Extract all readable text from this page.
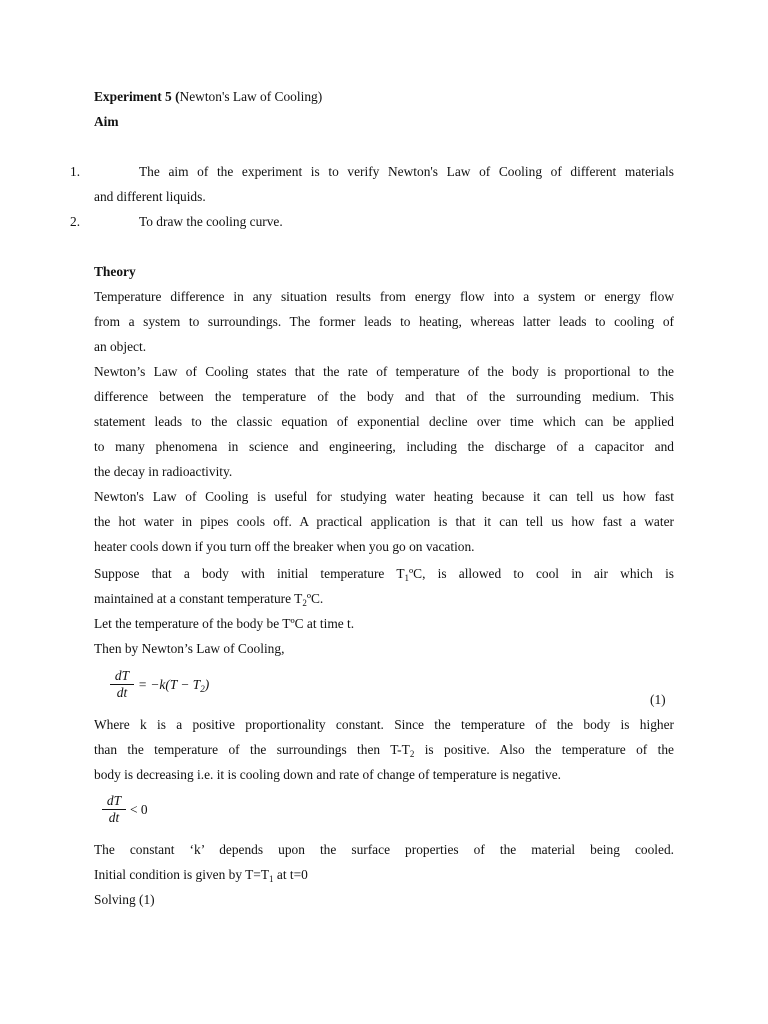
Experiment 5 (Newton's Law of Cooling)
Aim
1.	The aim of the experiment is to verify Newton's Law of Cooling of different materials
and different liquids.
2.	To draw the cooling curve.
Theory
Temperature difference in any situation results from energy flow into a system or energy flow
from a system to surroundings. The former leads to heating, whereas latter leads to cooling of
an object.
Newton’s Law of Cooling states that the rate of temperature of the body is proportional to the
difference between the temperature of the body and that of the surrounding medium. This
statement leads to the classic equation of exponential decline over time which can be applied
to many phenomena in science and engineering, including the discharge of a capacitor and
the decay in radioactivity.
Newton's Law of Cooling is useful for studying water heating because it can tell us how fast
the hot water in pipes cools off. A practical application is that it can tell us how fast a water
heater cools down if you turn off the breaker when you go on vacation.
Suppose that a body with initial temperature $T_1ºC$, is allowed to cool in air which is
maintained at a constant temperature $T_2ºC$.
Let the temperature of the body be TºC at time t.
Then by Newton’s Law of Cooling,
dT
dt
= $-k(T - T_2)$
(1)
Where k is a positive proportionality constant. Since the temperature of the body is higher
than the temperature of the surroundings then $T-T_2$ is positive. Also the temperature of the
body is decreasing i.e. it is cooling down and rate of change of temperature is negative.
dT
dt
< 0
The constant ‘k’ depends upon the surface properties of the material being cooled.
Initial condition is given by $T=T_1$ at t=0
Solving (1)
